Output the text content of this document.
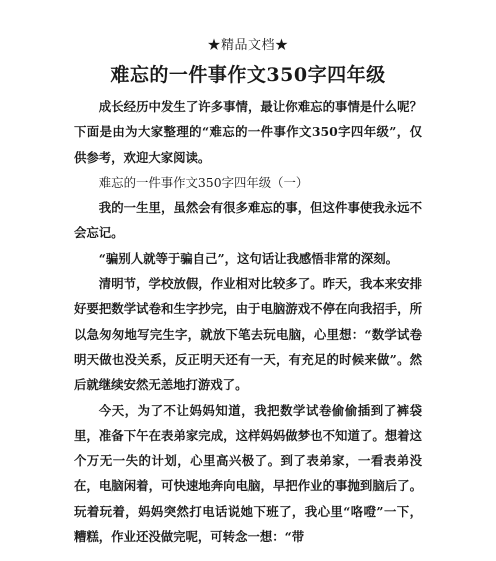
★精品文档★
难忘的一件事作文350字四年级

成长经历中发生了许多事情，最让你难忘的事情是什么呢？下面是由为大家整理的“难忘的一件事作文350字四年级”，仅供参考，欢迎大家阅读。

难忘的一件事作文350字四年级（一）

我的一生里，虽然会有很多难忘的事，但这件事使我永远不会忘记。

“骗别人就等于骗自己”，这句话让我感悟非常的深刻。

清明节，学校放假，作业相对比较多了。昨天，我本来安排好要把数学试卷和生字抄完，由于电脑游戏不停在向我招手，所以急匆匆地写完生字，就放下笔去玩电脑，心里想：“数学试卷明天做也没关系，反正明天还有一天，有充足的时候来做”。然后就继续安然无恙地打游戏了。

今天，为了不让妈妈知道，我把数学试卷偷偷插到了裤袋里，准备下午在表弟家完成，这样妈妈做梦也不知道了。想着这个万无一失的计划，心里高兴极了。到了表弟家，一看表弟没在，电脑闲着，可快速地奔向电脑，早把作业的事抛到脑后了。玩着玩着，妈妈突然打电话说她下班了，我心里“咯噔”一下，糟糕，作业还没做完呢，可转念一想：“带
